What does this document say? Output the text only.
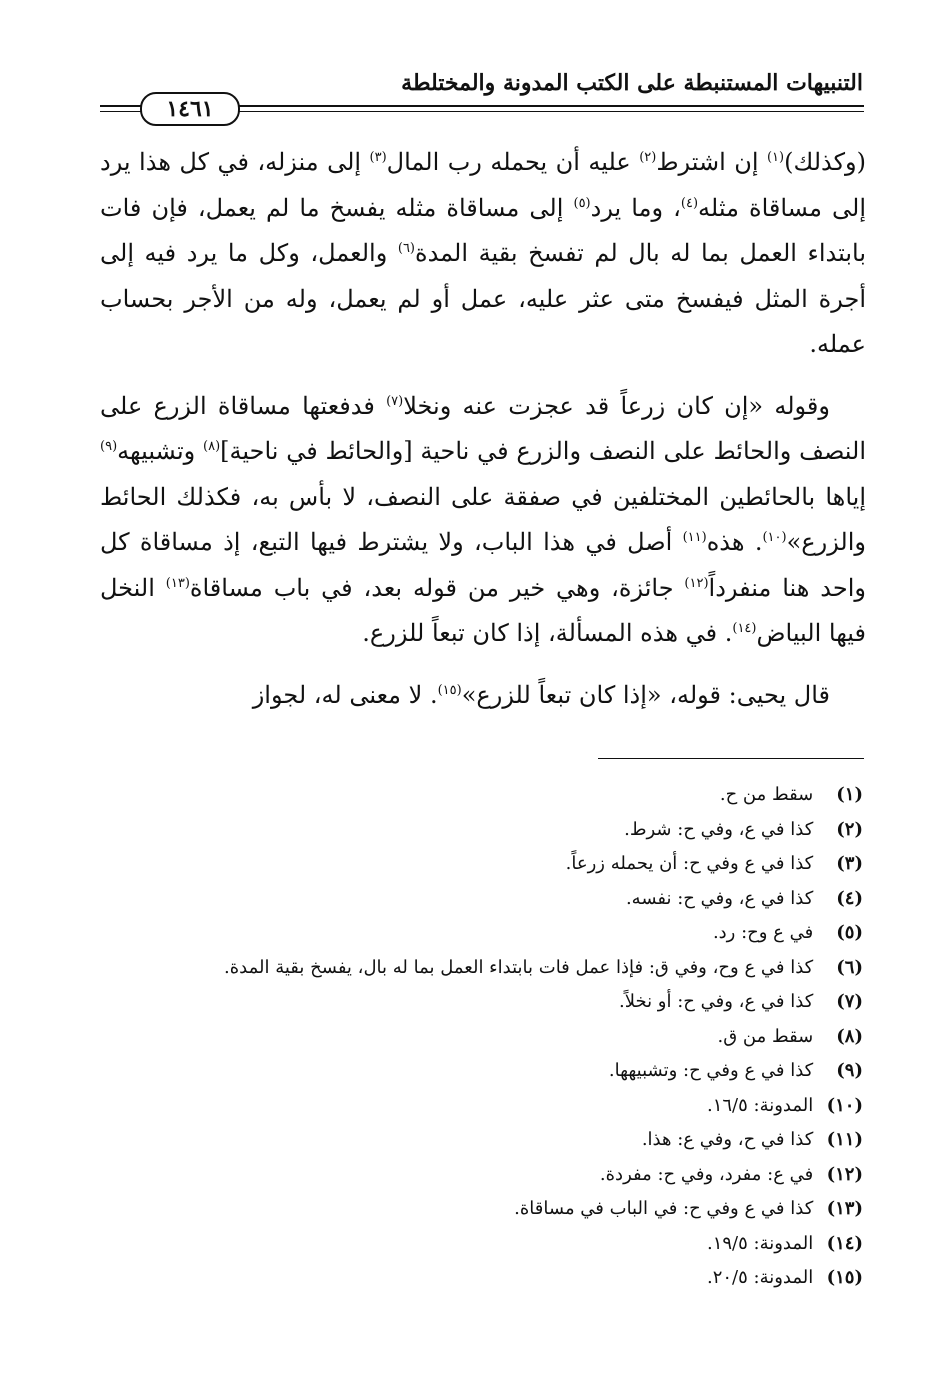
التنبيهات المستنبطة على الكتب المدونة والمختلطة
١٤٦١

(وكذلك)$^{(١)}$ إن اشترط$^{(٢)}$ عليه أن يحمله رب المال$^{(٣)}$ إلى منزله، في كل هذا يرد إلى مساقاة مثله$^{(٤)}$، وما يرد$^{(٥)}$ إلى مساقاة مثله يفسخ ما لم يعمل، فإن فات بابتداء العمل بما له بال لم تفسخ بقية المدة$^{(٦)}$ والعمل، وكل ما يرد فيه إلى أجرة المثل فيفسخ متى عثر عليه، عمل أو لم يعمل، وله من الأجر بحساب عمله.

وقوله «إن كان زرعاً قد عجزت عنه ونخلا$^{(٧)}$ فدفعتها مساقاة الزرع على النصف والحائط على النصف والزرع في ناحية [والحائط في ناحية]$^{(٨)}$ وتشبيهه$^{(٩)}$ إياها بالحائطين المختلفين في صفقة على النصف، لا بأس به، فكذلك الحائط والزرع»$^{(١٠)}$. هذه$^{(١١)}$ أصل في هذا الباب، ولا يشترط فيها التبع، إذ مساقاة كل واحد هنا منفرداً$^{(١٢)}$ جائزة، وهي خير من قوله بعد، في باب مساقاة$^{(١٣)}$ النخل فيها البياض$^{(١٤)}$. في هذه المسألة، إذا كان تبعاً للزرع.

قال يحيى: قوله، «إذا كان تبعاً للزرع»$^{(١٥)}$. لا معنى له، لجواز

(١) سقط من ح.
(٢) كذا في ع، وفي ح: شرط.
(٣) كذا في ع وفي ح: أن يحمله زرعاً.
(٤) كذا في ع، وفي ح: نفسه.
(٥) في ع وح: رد.
(٦) كذا في ع وح، وفي ق: فإذا عمل فات بابتداء العمل بما له بال، يفسخ بقية المدة.
(٧) كذا في ع، وفي ح: أو نخلاً.
(٨) سقط من ق.
(٩) كذا في ع وفي ح: وتشبيهها.
(١٠) المدونة: ١٦/٥.
(١١) كذا في ح، وفي ع: هذا.
(١٢) في ع: مفرد، وفي ح: مفردة.
(١٣) كذا في ع وفي ح: في الباب في مساقاة.
(١٤) المدونة: ١٩/٥.
(١٥) المدونة: ٢٠/٥.
